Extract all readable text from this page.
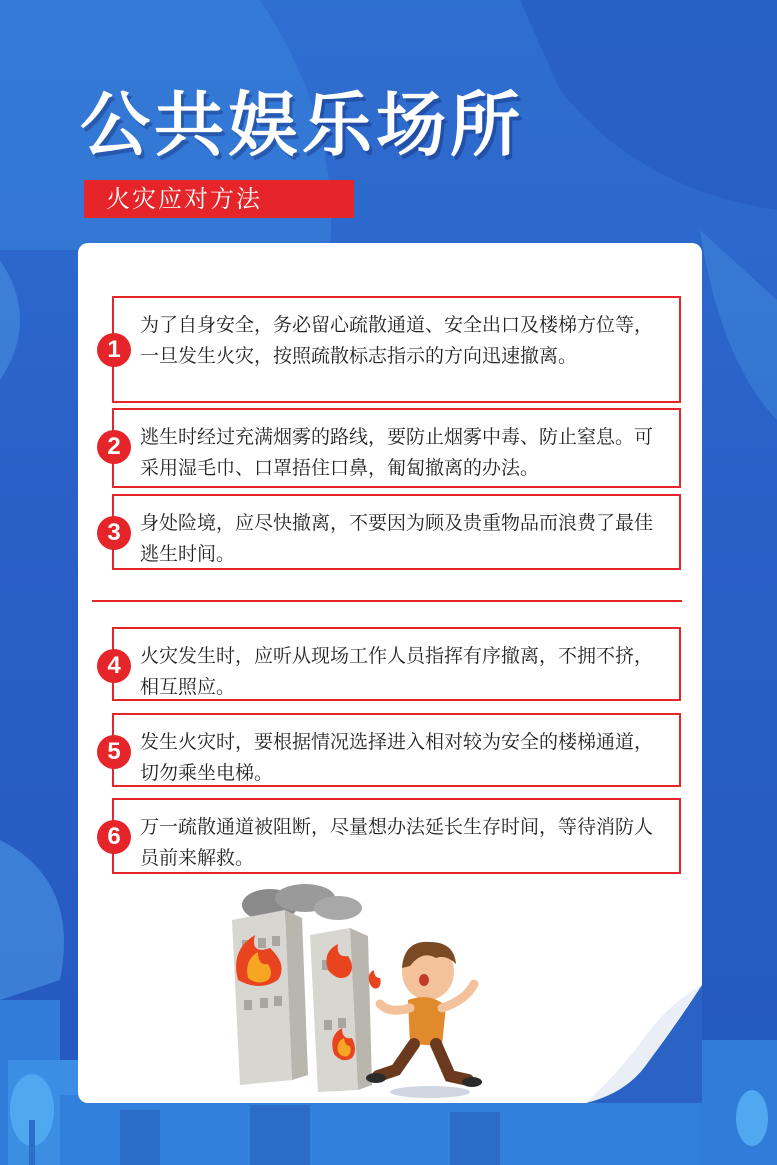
公共娱乐场所
火灾应对方法
1
为了自身安全，务必留心疏散通道、安全出口及楼梯方位等，一旦发生火灾，按照疏散标志指示的方向迅速撤离。
2	逃生时经过充满烟雾的路线，要防止烟雾中毒、防止窒息。可采用湿毛巾、口罩捂住口鼻，匍匐撤离的办法。
3	身处险境，应尽快撤离，不要因为顾及贵重物品而浪费了最佳逃生时间。
4	火灾发生时，应听从现场工作人员指挥有序撤离，不拥不挤，相互照应。
5	发生火灾时，要根据情况选择进入相对较为安全的楼梯通道，切勿乘坐电梯。
6	万一疏散通道被阻断，尽量想办法延长生存时间，等待消防人员前来解救。
